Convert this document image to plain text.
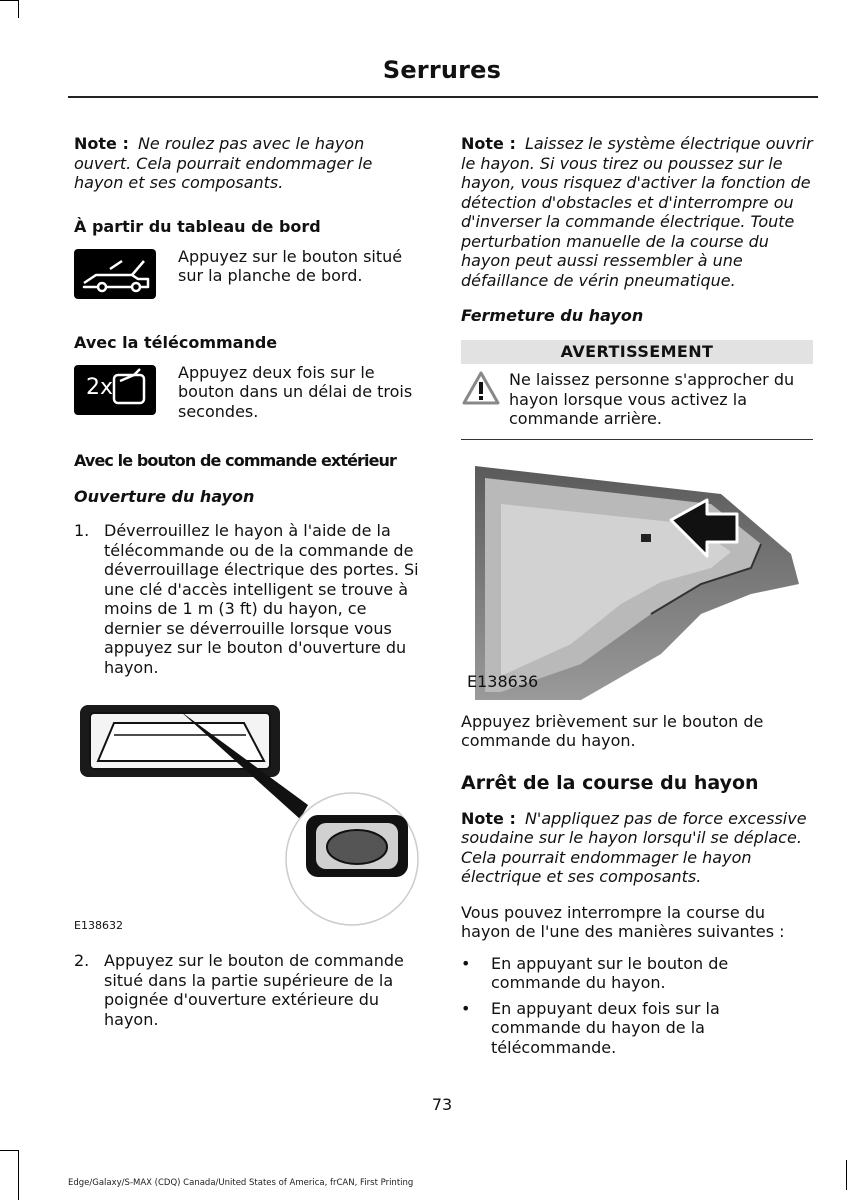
Serrures

Note : Ne roulez pas avec le hayon ouvert. Cela pourrait endommager le hayon et ses composants.

À partir du tableau de bord

Appuyez sur le bouton situé sur la planche de bord.

Avec la télécommande
2x

Appuyez deux fois sur le bouton dans un délai de trois secondes.

Avec le bouton de commande extérieur
Ouverture du hayon
1. Déverrouillez le hayon à l'aide de la télécommande ou de la commande de déverrouillage électrique des portes. Si une clé d'accès intelligent se trouve à moins de 1 m (3 ft) du hayon, ce dernier se déverrouille lorsque vous appuyez sur le bouton d'ouverture du hayon.
E138632
2. Appuyez sur le bouton de commande situé dans la partie supérieure de la poignée d'ouverture extérieure du hayon.

Note : Laissez le système électrique ouvrir le hayon. Si vous tirez ou poussez sur le hayon, vous risquez d'activer la fonction de détection d'obstacles et d'interrompre ou d'inverser la commande électrique. Toute perturbation manuelle de la course du hayon peut aussi ressembler à une défaillance de vérin pneumatique.

Fermeture du hayon
AVERTISSEMENT

Ne laissez personne s'approcher du hayon lorsque vous activez la commande arrière.

E138636

Appuyez brièvement sur le bouton de commande du hayon.

Arrêt de la course du hayon

Note : N'appliquez pas de force excessive soudaine sur le hayon lorsqu'il se déplace. Cela pourrait endommager le hayon électrique et ses composants.

Vous pouvez interrompre la course du hayon de l'une des manières suivantes :

•	En appuyant sur le bouton de commande du hayon.
•	En appuyant deux fois sur la commande du hayon de la télécommande.
73
Edge/Galaxy/S-MAX (CDQ) Canada/United States of America, frCAN, First Printing
